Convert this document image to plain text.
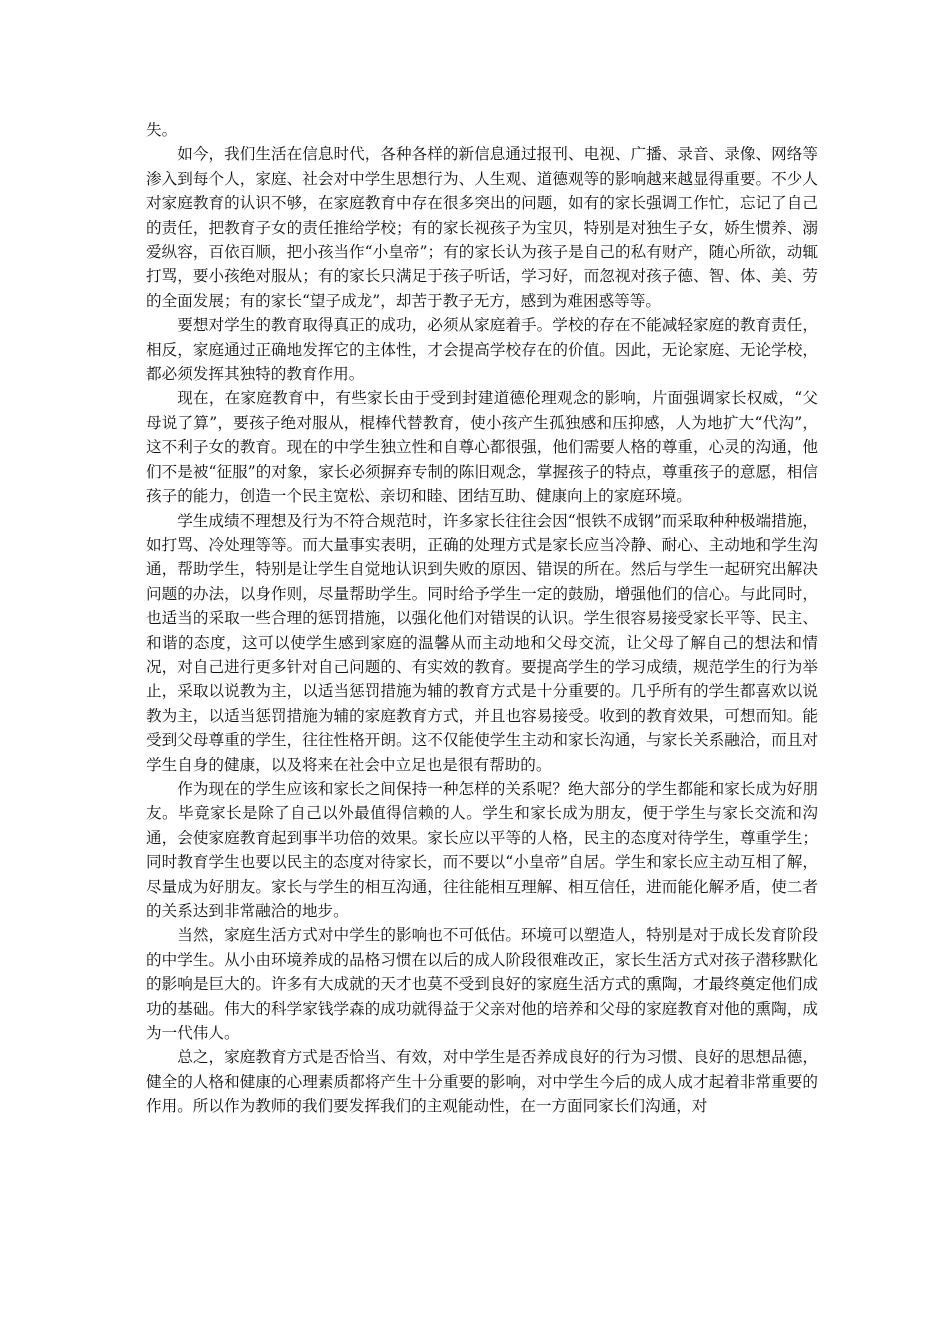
失。

如今，我们生活在信息时代，各种各样的新信息通过报刊、电视、广播、录音、录像、网络等渗入到每个人，家庭、社会对中学生思想行为、人生观、道德观等的影响越来越显得重要。不少人对家庭教育的认识不够，在家庭教育中存在很多突出的问题，如有的家长强调工作忙，忘记了自己的责任，把教育子女的责任推给学校；有的家长视孩子为宝贝，特别是对独生子女，娇生惯养、溺爱纵容，百依百顺，把小孩当作“小皇帝”；有的家长认为孩子是自己的私有财产，随心所欲，动辄打骂，要小孩绝对服从；有的家长只满足于孩子听话，学习好，而忽视对孩子德、智、体、美、劳的全面发展；有的家长“望子成龙”，却苦于教子无方，感到为难困惑等等。

要想对学生的教育取得真正的成功，必须从家庭着手。学校的存在不能减轻家庭的教育责任，相反，家庭通过正确地发挥它的主体性，才会提高学校存在的价值。因此，无论家庭、无论学校，都必须发挥其独特的教育作用。

现在，在家庭教育中，有些家长由于受到封建道德伦理观念的影响，片面强调家长权威，“父母说了算”，要孩子绝对服从，棍棒代替教育，使小孩产生孤独感和压抑感，人为地扩大“代沟”，这不利子女的教育。现在的中学生独立性和自尊心都很强，他们需要人格的尊重，心灵的沟通，他们不是被“征服”的对象，家长必须摒弃专制的陈旧观念，掌握孩子的特点，尊重孩子的意愿，相信孩子的能力，创造一个民主宽松、亲切和睦、团结互助、健康向上的家庭环境。

学生成绩不理想及行为不符合规范时，许多家长往往会因“恨铁不成钢”而采取种种极端措施，如打骂、冷处理等等。而大量事实表明，正确的处理方式是家长应当冷静、耐心、主动地和学生沟通，帮助学生，特别是让学生自觉地认识到失败的原因、错误的所在。然后与学生一起研究出解决问题的办法，以身作则，尽量帮助学生。同时给予学生一定的鼓励，增强他们的信心。与此同时，也适当的采取一些合理的惩罚措施，以强化他们对错误的认识。学生很容易接受家长平等、民主、和谐的态度，这可以使学生感到家庭的温馨从而主动地和父母交流，让父母了解自己的想法和情况，对自己进行更多针对自己问题的、有实效的教育。要提高学生的学习成绩，规范学生的行为举止，采取以说教为主，以适当惩罚措施为辅的教育方式是十分重要的。几乎所有的学生都喜欢以说教为主，以适当惩罚措施为辅的家庭教育方式，并且也容易接受。收到的教育效果，可想而知。能受到父母尊重的学生，往往性格开朗。这不仅能使学生主动和家长沟通，与家长关系融洽，而且对学生自身的健康，以及将来在社会中立足也是很有帮助的。

作为现在的学生应该和家长之间保持一种怎样的关系呢？绝大部分的学生都能和家长成为好朋友。毕竟家长是除了自己以外最值得信赖的人。学生和家长成为朋友，便于学生与家长交流和沟通，会使家庭教育起到事半功倍的效果。家长应以平等的人格，民主的态度对待学生，尊重学生；同时教育学生也要以民主的态度对待家长，而不要以“小皇帝”自居。学生和家长应主动互相了解，尽量成为好朋友。家长与学生的相互沟通，往往能相互理解、相互信任，进而能化解矛盾，使二者的关系达到非常融洽的地步。

当然，家庭生活方式对中学生的影响也不可低估。环境可以塑造人，特别是对于成长发育阶段的中学生。从小由环境养成的品格习惯在以后的成人阶段很难改正，家长生活方式对孩子潜移默化的影响是巨大的。许多有大成就的天才也莫不受到良好的家庭生活方式的熏陶，才最终奠定他们成功的基础。伟大的科学家钱学森的成功就得益于父亲对他的培养和父母的家庭教育对他的熏陶，成为一代伟人。

总之，家庭教育方式是否恰当、有效，对中学生是否养成良好的行为习惯、良好的思想品德，健全的人格和健康的心理素质都将产生十分重要的影响，对中学生今后的成人成才起着非常重要的作用。所以作为教师的我们要发挥我们的主观能动性，在一方面同家长们沟通，对
